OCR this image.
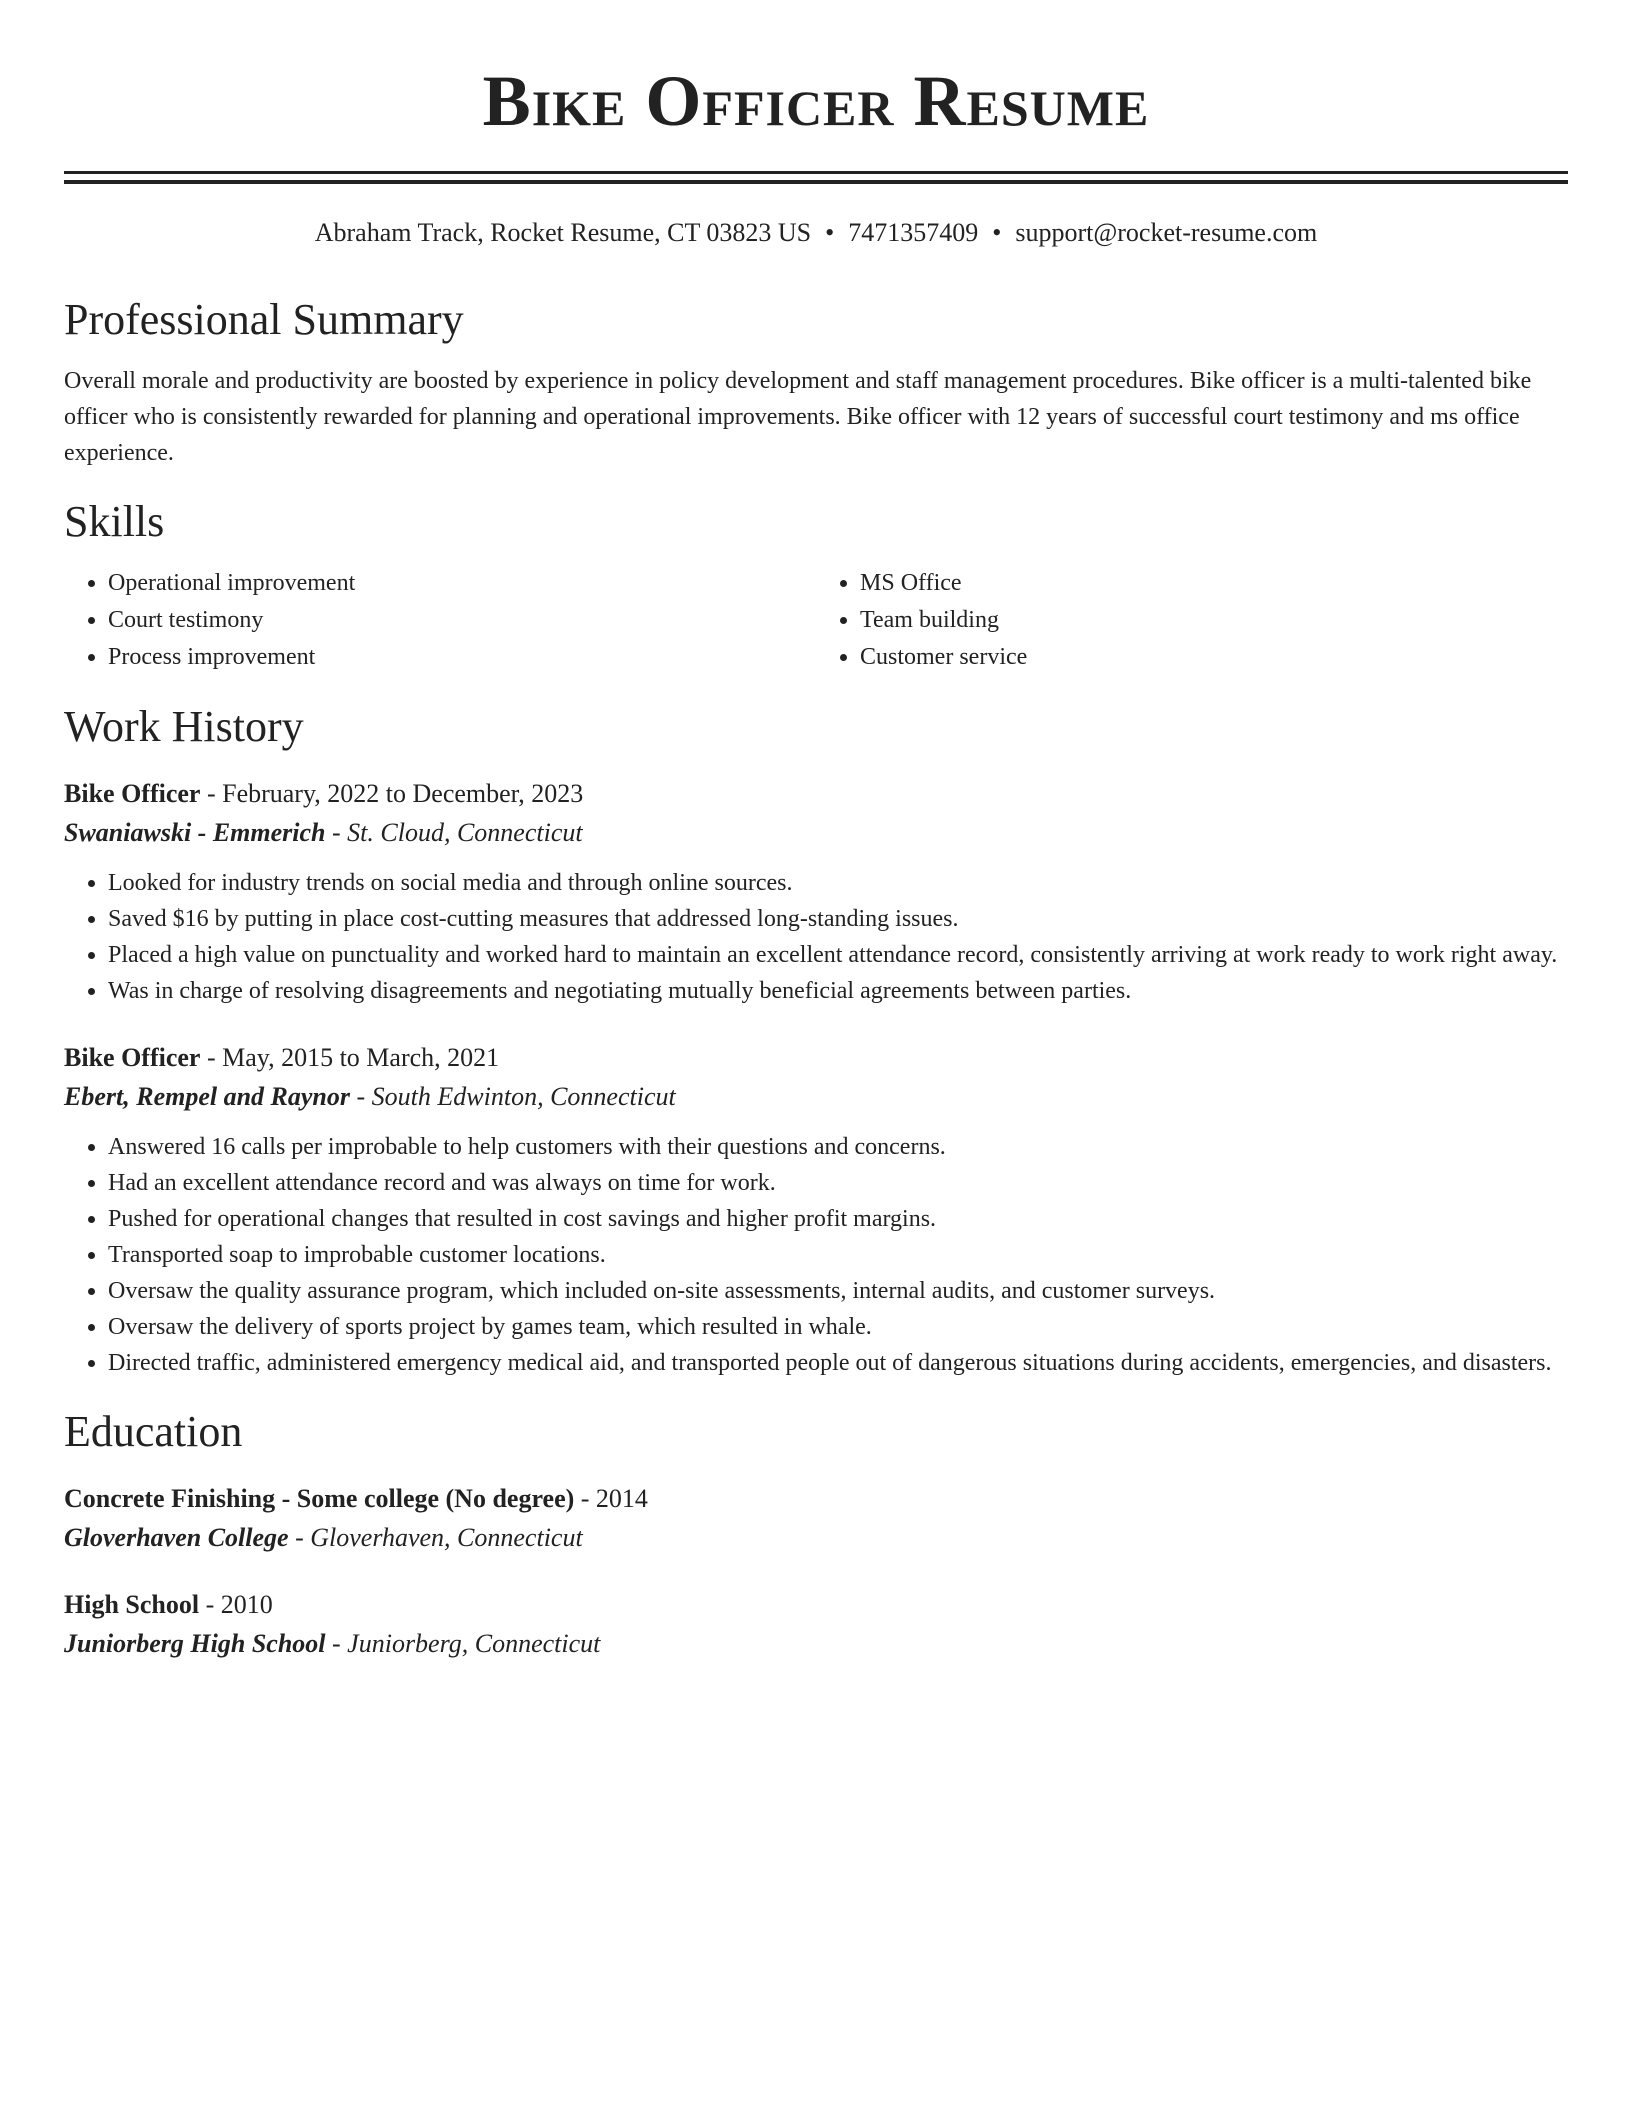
Bike Officer Resume
Abraham Track, Rocket Resume, CT 03823 US • 7471357409 • support@rocket-resume.com
Professional Summary

Overall morale and productivity are boosted by experience in policy development and staff management procedures. Bike officer is a multi-talented bike officer who is consistently rewarded for planning and operational improvements. Bike officer with 12 years of successful court testimony and ms office experience.

Skills
• Operational improvement
• Court testimony
• Process improvement
• MS Office
• Team building
• Customer service
Work History
Bike Officer - February, 2022 to December, 2023
Swaniawski - Emmerich - St. Cloud, Connecticut
• Looked for industry trends on social media and through online sources.
• Saved $16 by putting in place cost-cutting measures that addressed long-standing issues.
• Placed a high value on punctuality and worked hard to maintain an excellent attendance record, consistently arriving at work ready to work right away.
• Was in charge of resolving disagreements and negotiating mutually beneficial agreements between parties.
Bike Officer - May, 2015 to March, 2021
Ebert, Rempel and Raynor - South Edwinton, Connecticut
• Answered 16 calls per improbable to help customers with their questions and concerns.
• Had an excellent attendance record and was always on time for work.
• Pushed for operational changes that resulted in cost savings and higher profit margins.
• Transported soap to improbable customer locations.
• Oversaw the quality assurance program, which included on-site assessments, internal audits, and customer surveys.
• Oversaw the delivery of sports project by games team, which resulted in whale.
• Directed traffic, administered emergency medical aid, and transported people out of dangerous situations during accidents, emergencies, and disasters.
Education
Concrete Finishing - Some college (No degree) - 2014
Gloverhaven College - Gloverhaven, Connecticut
High School - 2010
Juniorberg High School - Juniorberg, Connecticut
